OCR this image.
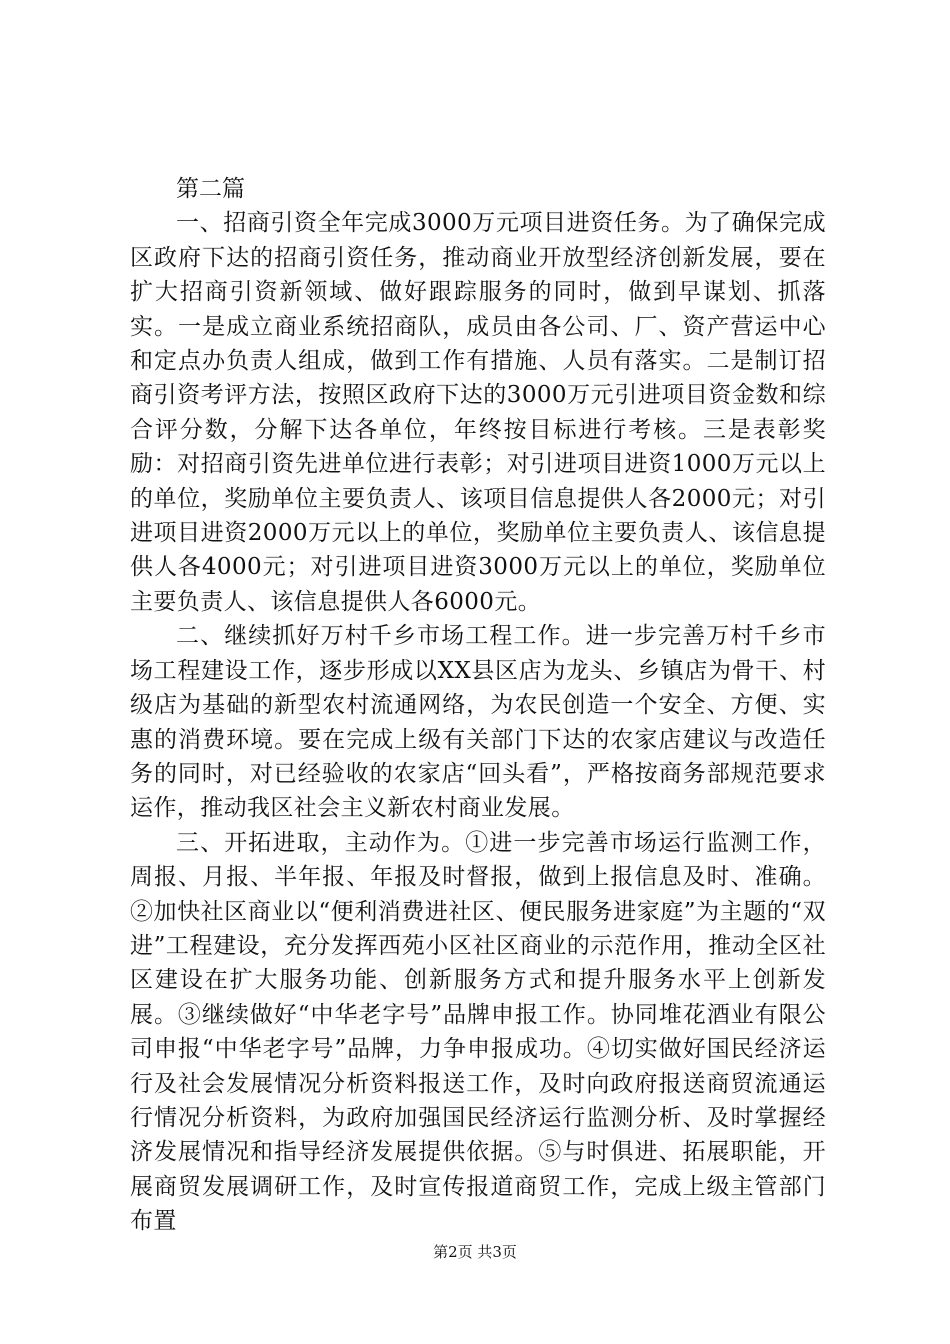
第二篇

一、招商引资全年完成3000万元项目进资任务。为了确保完成区政府下达的招商引资任务，推动商业开放型经济创新发展，要在扩大招商引资新领域、做好跟踪服务的同时，做到早谋划、抓落实。一是成立商业系统招商队，成员由各公司、厂、资产营运中心和定点办负责人组成，做到工作有措施、人员有落实。二是制订招商引资考评方法，按照区政府下达的3000万元引进项目资金数和综合评分数，分解下达各单位，年终按目标进行考核。三是表彰奖励：对招商引资先进单位进行表彰；对引进项目进资1000万元以上的单位，奖励单位主要负责人、该项目信息提供人各2000元；对引进项目进资2000万元以上的单位，奖励单位主要负责人、该信息提供人各4000元；对引进项目进资3000万元以上的单位，奖励单位主要负责人、该信息提供人各6000元。

二、继续抓好万村千乡市场工程工作。进一步完善万村千乡市场工程建设工作，逐步形成以XX县区店为龙头、乡镇店为骨干、村级店为基础的新型农村流通网络，为农民创造一个安全、方便、实惠的消费环境。要在完成上级有关部门下达的农家店建议与改造任务的同时，对已经验收的农家店“回头看”，严格按商务部规范要求运作，推动我区社会主义新农村商业发展。

三、开拓进取，主动作为。①进一步完善市场运行监测工作，周报、月报、半年报、年报及时督报，做到上报信息及时、准确。②加快社区商业以“便利消费进社区、便民服务进家庭”为主题的“双进”工程建设，充分发挥西苑小区社区商业的示范作用，推动全区社区建设在扩大服务功能、创新服务方式和提升服务水平上创新发展。③继续做好“中华老字号”品牌申报工作。协同堆花酒业有限公司申报“中华老字号”品牌，力争申报成功。④切实做好国民经济运行及社会发展情况分析资料报送工作，及时向政府报送商贸流通运行情况分析资料，为政府加强国民经济运行监测分析、及时掌握经济发展情况和指导经济发展提供依据。⑤与时俱进、拓展职能，开展商贸发展调研工作，及时宣传报道商贸工作，完成上级主管部门布置

第2页 共3页
